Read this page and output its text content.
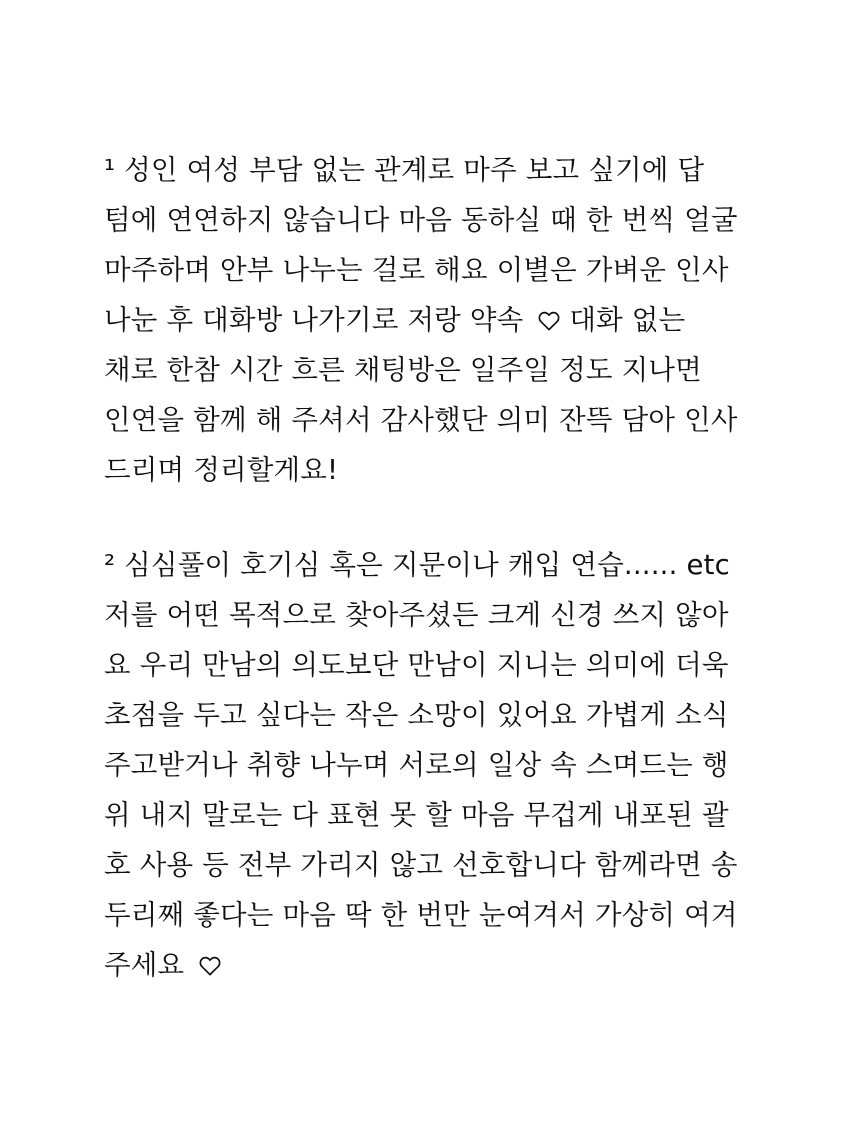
¹ 성인 여성 부담 없는 관계로 마주 보고 싶기에 답
텀에 연연하지 않습니다 마음 동하실 때 한 번씩 얼굴
마주하며 안부 나누는 걸로 해요 이별은 가벼운 인사
나눈 후 대화방 나가기로 저랑 약속  대화 없는
채로 한참 시간 흐른 채팅방은 일주일 정도 지나면
인연을 함께 해 주셔서 감사했단 의미 잔뜩 담아 인사
드리며 정리할게요!
² 심심풀이 호기심 혹은 지문이나 캐입 연습...... etc
저를 어떤 목적으로 찾아주셨든 크게 신경 쓰지 않아
요 우리 만남의 의도보단 만남이 지니는 의미에 더욱
초점을 두고 싶다는 작은 소망이 있어요 가볍게 소식
주고받거나 취향 나누며 서로의 일상 속 스며드는 행
위 내지 말로는 다 표현 못 할 마음 무겁게 내포된 괄
호 사용 등 전부 가리지 않고 선호합니다 함께라면 송
두리째 좋다는 마음 딱 한 번만 눈여겨서 가상히 여겨
주세요
